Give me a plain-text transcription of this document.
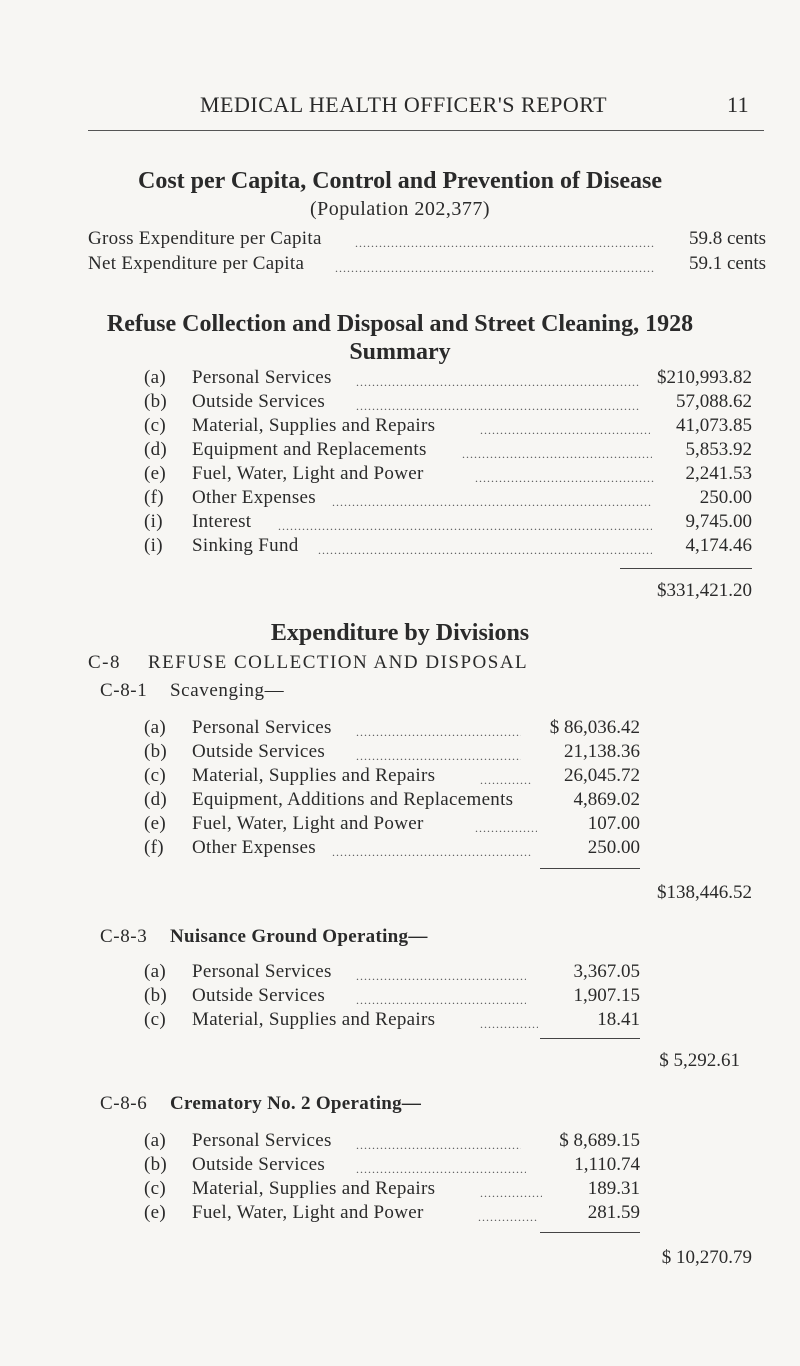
MEDICAL HEALTH OFFICER'S REPORT	11
Cost per Capita, Control and Prevention of Disease
(Population 202,377)
Gross Expenditure per Capita .....	59.8 cents
Net Expenditure per Capita .....	59.1 cents
Refuse Collection and Disposal and Street Cleaning, 1928
Summary
(a) Personal Services .....	$210,993.82
(b) Outside Services .....	57,088.62
(c) Material, Supplies and Repairs .....	41,073.85
(d) Equipment and Replacements .....	5,853.92
(e) Fuel, Water, Light and Power .....	2,241.53
(f) Other Expenses .....	250.00
(i) Interest .....	9,745.00
(i) Sinking Fund .....	4,174.46
$331,421.20
Expenditure by Divisions
C-8 REFUSE COLLECTION AND DISPOSAL
C-8-1 Scavenging—
(a) Personal Services .....	$ 86,036.42
(b) Outside Services .....	21,138.36
(c) Material, Supplies and Repairs .....	26,045.72
(d) Equipment, Additions and Replacements	4,869.02
(e) Fuel, Water, Light and Power .....	107.00
(f) Other Expenses .....	250.00
$138,446.52
C-8-3 Nuisance Ground Operating—
(a) Personal Services .....	3,367.05
(b) Outside Services .....	1,907.15
(c) Material, Supplies and Repairs .....	18.41
$ 5,292.61
C-8-6 Crematory No. 2 Operating—
(a) Personal Services .....	$ 8,689.15
(b) Outside Services .....	1,110.74
(c) Material, Supplies and Repairs .....	189.31
(e) Fuel, Water, Light and Power .....	281.59
$ 10,270.79
